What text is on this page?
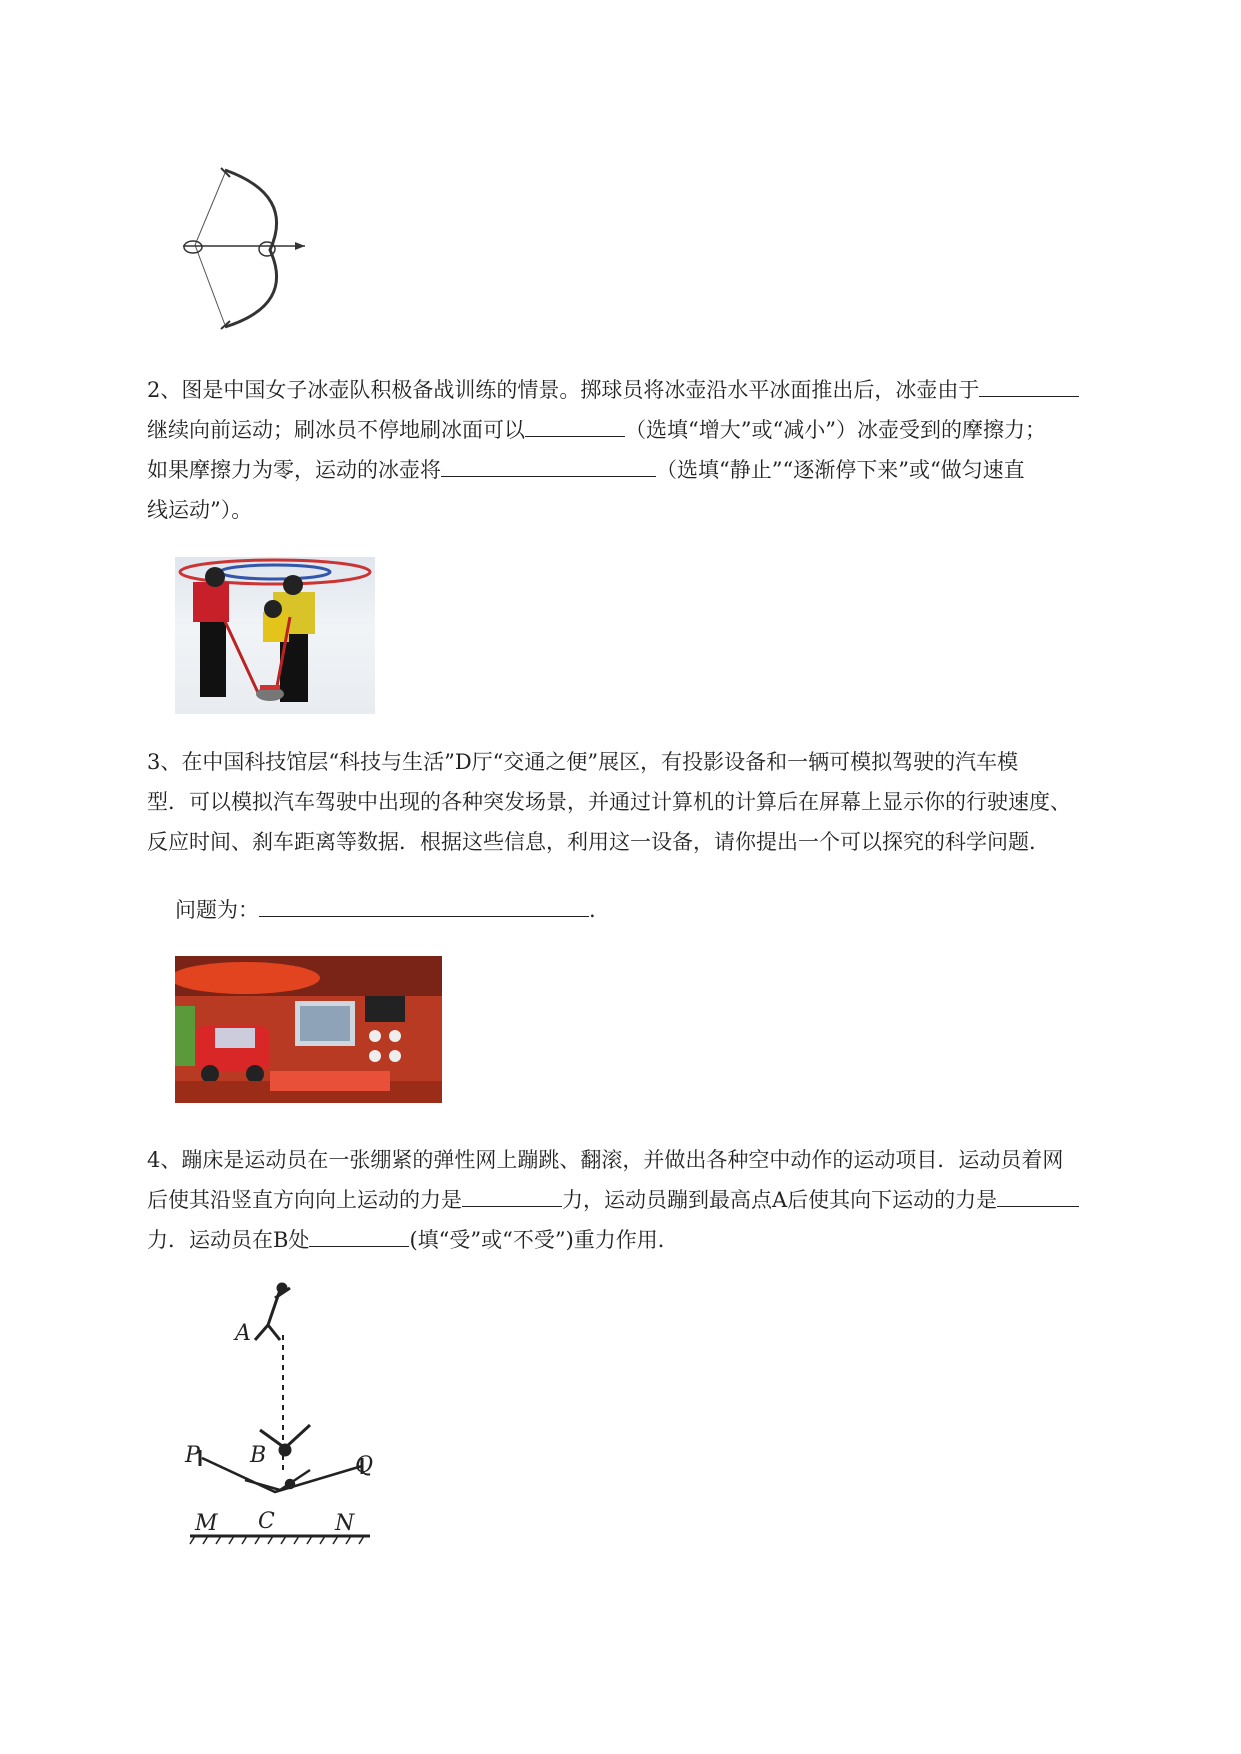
2、图是中国女子冰壶队积极备战训练的情景。掷球员将冰壶沿水平冰面推出后，冰壶由于
继续向前运动；刷冰员不停地刷冰面可以	（选填“增大”或“减小”）冰壶受到的摩擦力；
如果摩擦力为零，运动的冰壶将	（选填“静止”“逐渐停下来”或“做匀速直
线运动”）。
3、在中国科技馆层“科技与生活”D厅“交通之便”展区，有投影设备和一辆可模拟驾驶的汽车模
型．可以模拟汽车驾驶中出现的各种突发场景，并通过计算机的计算后在屏幕上显示你的行驶速度、
反应时间、刹车距离等数据．根据这些信息，利用这一设备，请你提出一个可以探究的科学问题．
问题为：	.
4、蹦床是运动员在一张绷紧的弹性网上蹦跳、翻滚，并做出各种空中动作的运动项目．运动员着网
后使其沿竖直方向向上运动的力是	力，运动员蹦到最高点A后使其向下运动的力是
力．运动员在B处	(填“受”或“不受”)重力作用．
A
B
C
P	Q
M	N
